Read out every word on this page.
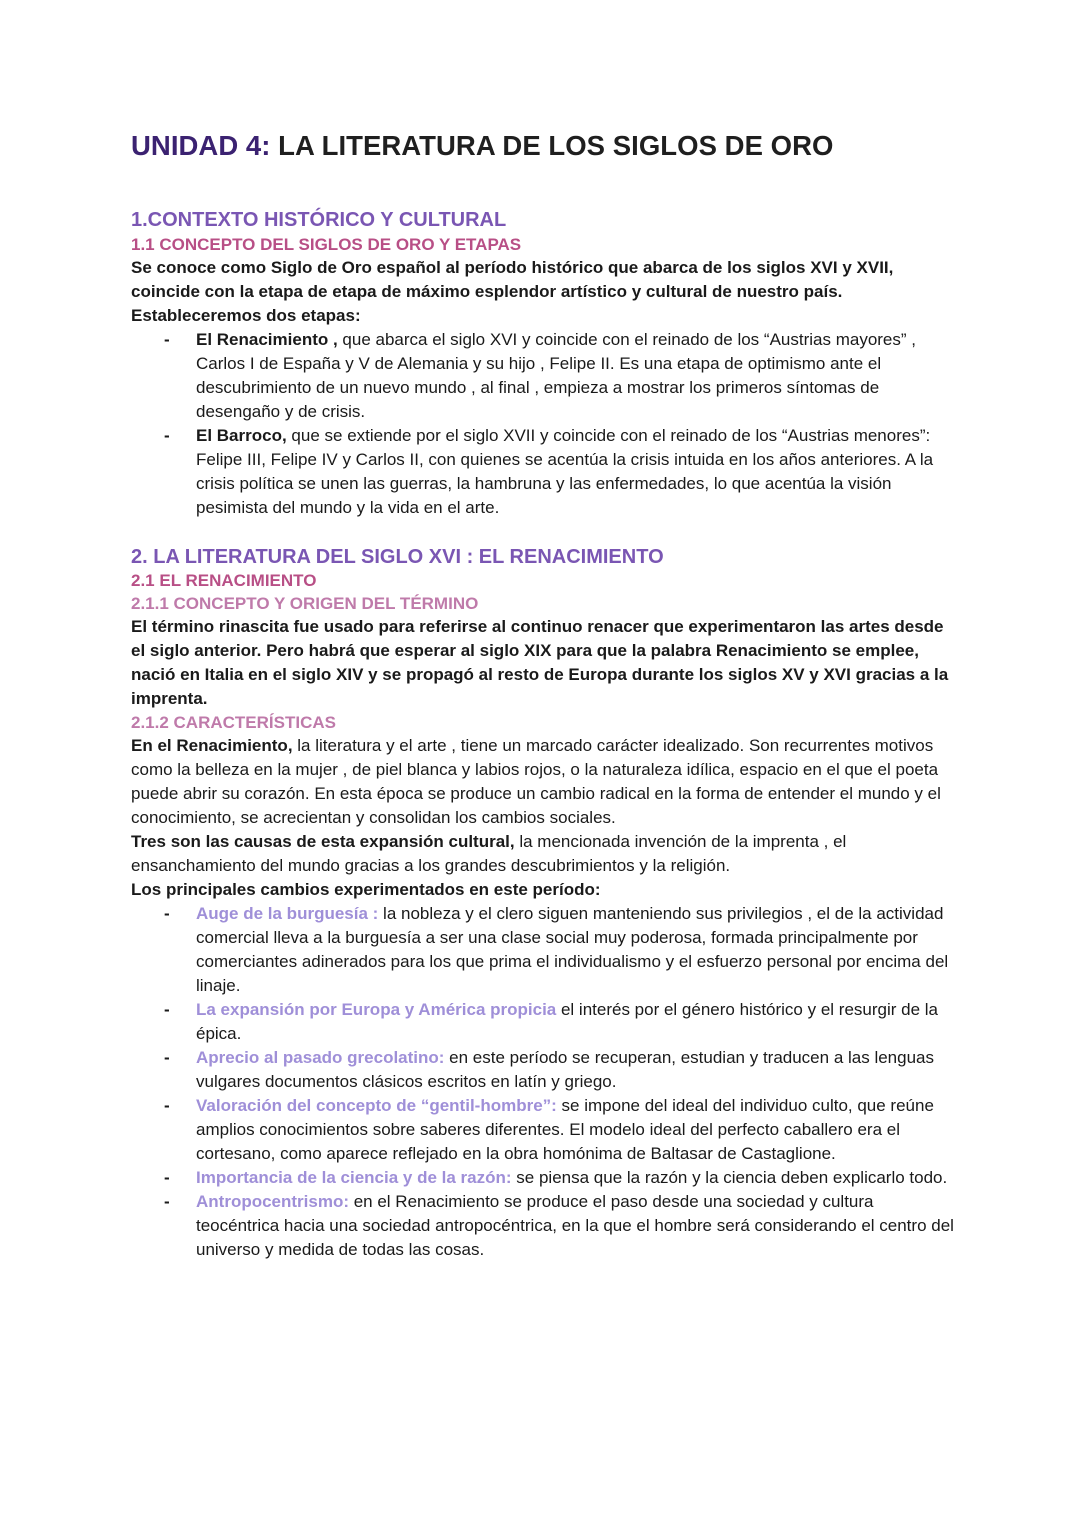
UNIDAD 4: LA LITERATURA DE LOS SIGLOS DE ORO
1.CONTEXTO HISTÓRICO Y CULTURAL
1.1 CONCEPTO DEL SIGLOS DE ORO Y ETAPAS

Se conoce como Siglo de Oro español al período histórico que abarca de los siglos XVI y XVII, coincide con la etapa de etapa de máximo esplendor artístico y cultural de nuestro país.

Estableceremos dos etapas:

- El Renacimiento , que abarca el siglo XVI y coincide con el reinado de los “Austrias mayores” , Carlos I de España y V de Alemania y su hijo , Felipe II. Es una etapa de optimismo ante el descubrimiento de un nuevo mundo , al final , empieza a mostrar los primeros síntomas de desengaño y de crisis.
- El Barroco, que se extiende por el siglo XVII y coincide con el reinado de los “Austrias menores”: Felipe III, Felipe IV y Carlos II, con quienes se acentúa la crisis intuida en los años anteriores. A la crisis política se unen las guerras, la hambruna y las enfermedades, lo que acentúa la visión pesimista del mundo y la vida en el arte.
2. LA LITERATURA DEL SIGLO XVI : EL RENACIMIENTO
2.1 EL RENACIMIENTO
2.1.1 CONCEPTO Y ORIGEN DEL TÉRMINO

El término rinascita fue usado para referirse al continuo renacer que experimentaron las artes desde el siglo anterior. Pero habrá que esperar al siglo XIX para que la palabra Renacimiento se emplee, nació en Italia en el siglo XIV y se propagó al resto de Europa durante los siglos XV y XVI gracias a la imprenta.

2.1.2 CARACTERÍSTICAS

En el Renacimiento, la literatura y el arte , tiene un marcado carácter idealizado. Son recurrentes motivos como la belleza en la mujer , de piel blanca y labios rojos, o la naturaleza idílica, espacio en el que el poeta puede abrir su corazón. En esta época se produce un cambio radical en la forma de entender el mundo y el conocimiento, se acrecientan y consolidan los cambios sociales.

Tres son las causas de esta expansión cultural, la mencionada invención de la imprenta , el ensanchamiento del mundo gracias a los grandes descubrimientos y la religión.

Los principales cambios experimentados en este período:

- Auge de la burguesía : la nobleza y el clero siguen manteniendo sus privilegios , el de la actividad comercial lleva a la burguesía a ser una clase social muy poderosa, formada principalmente por comerciantes adinerados para los que prima el individualismo y el esfuerzo personal por encima del linaje.
- La expansión por Europa y América propicia el interés por el género histórico y el resurgir de la épica.
- Aprecio al pasado grecolatino: en este período se recuperan, estudian y traducen a las lenguas vulgares documentos clásicos escritos en latín y griego.
- Valoración del concepto de “gentil-hombre”: se impone del ideal del individuo culto, que reúne amplios conocimientos sobre saberes diferentes. El modelo ideal del perfecto caballero era el cortesano, como aparece reflejado en la obra homónima de Baltasar de Castaglione.
- Importancia de la ciencia y de la razón: se piensa que la razón y la ciencia deben explicarlo todo.
- Antropocentrismo: en el Renacimiento se produce el paso desde una sociedad y cultura teocéntrica hacia una sociedad antropocéntrica, en la que el hombre será considerando el centro del universo y medida de todas las cosas.
